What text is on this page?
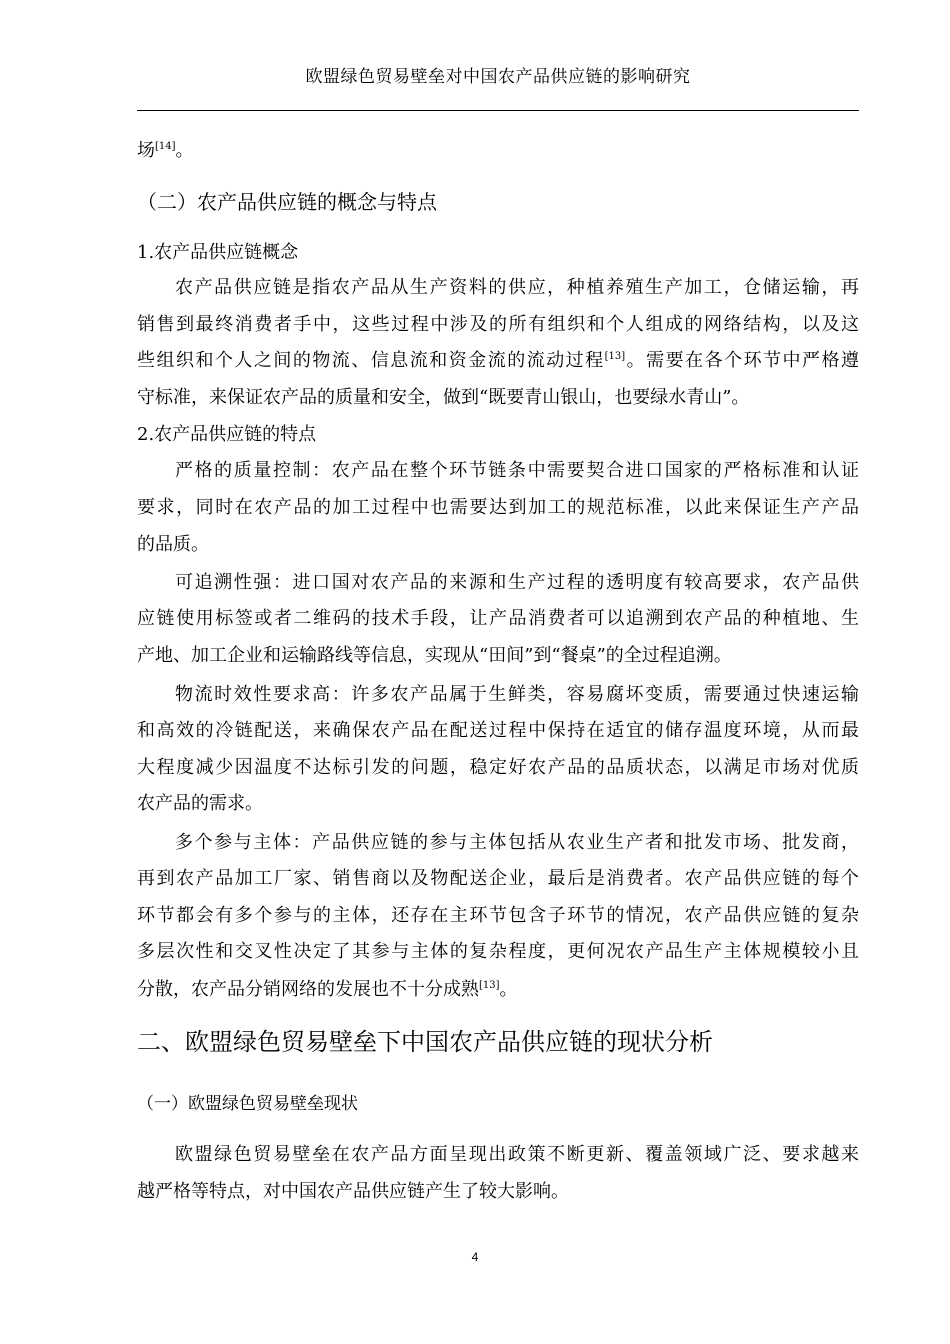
欧盟绿色贸易壁垒对中国农产品供应链的影响研究
场[14]。
（二）农产品供应链的概念与特点
1.农产品供应链概念
农产品供应链是指农产品从生产资料的供应，种植养殖生产加工，仓储运输，再
销售到最终消费者手中，这些过程中涉及的所有组织和个人组成的网络结构，以及这
些组织和个人之间的物流、信息流和资金流的流动过程[13]。需要在各个环节中严格遵
守标准，来保证农产品的质量和安全，做到“既要青山银山，也要绿水青山”。
2.农产品供应链的特点
严格的质量控制：农产品在整个环节链条中需要契合进口国家的严格标准和认证
要求，同时在农产品的加工过程中也需要达到加工的规范标准，以此来保证生产产品
的品质。
可追溯性强：进口国对农产品的来源和生产过程的透明度有较高要求，农产品供
应链使用标签或者二维码的技术手段，让产品消费者可以追溯到农产品的种植地、生
产地、加工企业和运输路线等信息，实现从“田间”到“餐桌”的全过程追溯。
物流时效性要求高：许多农产品属于生鲜类，容易腐坏变质，需要通过快速运输
和高效的冷链配送，来确保农产品在配送过程中保持在适宜的储存温度环境，从而最
大程度减少因温度不达标引发的问题，稳定好农产品的品质状态，以满足市场对优质
农产品的需求。
多个参与主体：产品供应链的参与主体包括从农业生产者和批发市场、批发商，
再到农产品加工厂家、销售商以及物配送企业，最后是消费者。农产品供应链的每个
环节都会有多个参与的主体，还存在主环节包含子环节的情况，农产品供应链的复杂
多层次性和交叉性决定了其参与主体的复杂程度，更何况农产品生产主体规模较小且
分散，农产品分销网络的发展也不十分成熟[13]。
二、欧盟绿色贸易壁垒下中国农产品供应链的现状分析
（一）欧盟绿色贸易壁垒现状
欧盟绿色贸易壁垒在农产品方面呈现出政策不断更新、覆盖领域广泛、要求越来
越严格等特点，对中国农产品供应链产生了较大影响。
4
